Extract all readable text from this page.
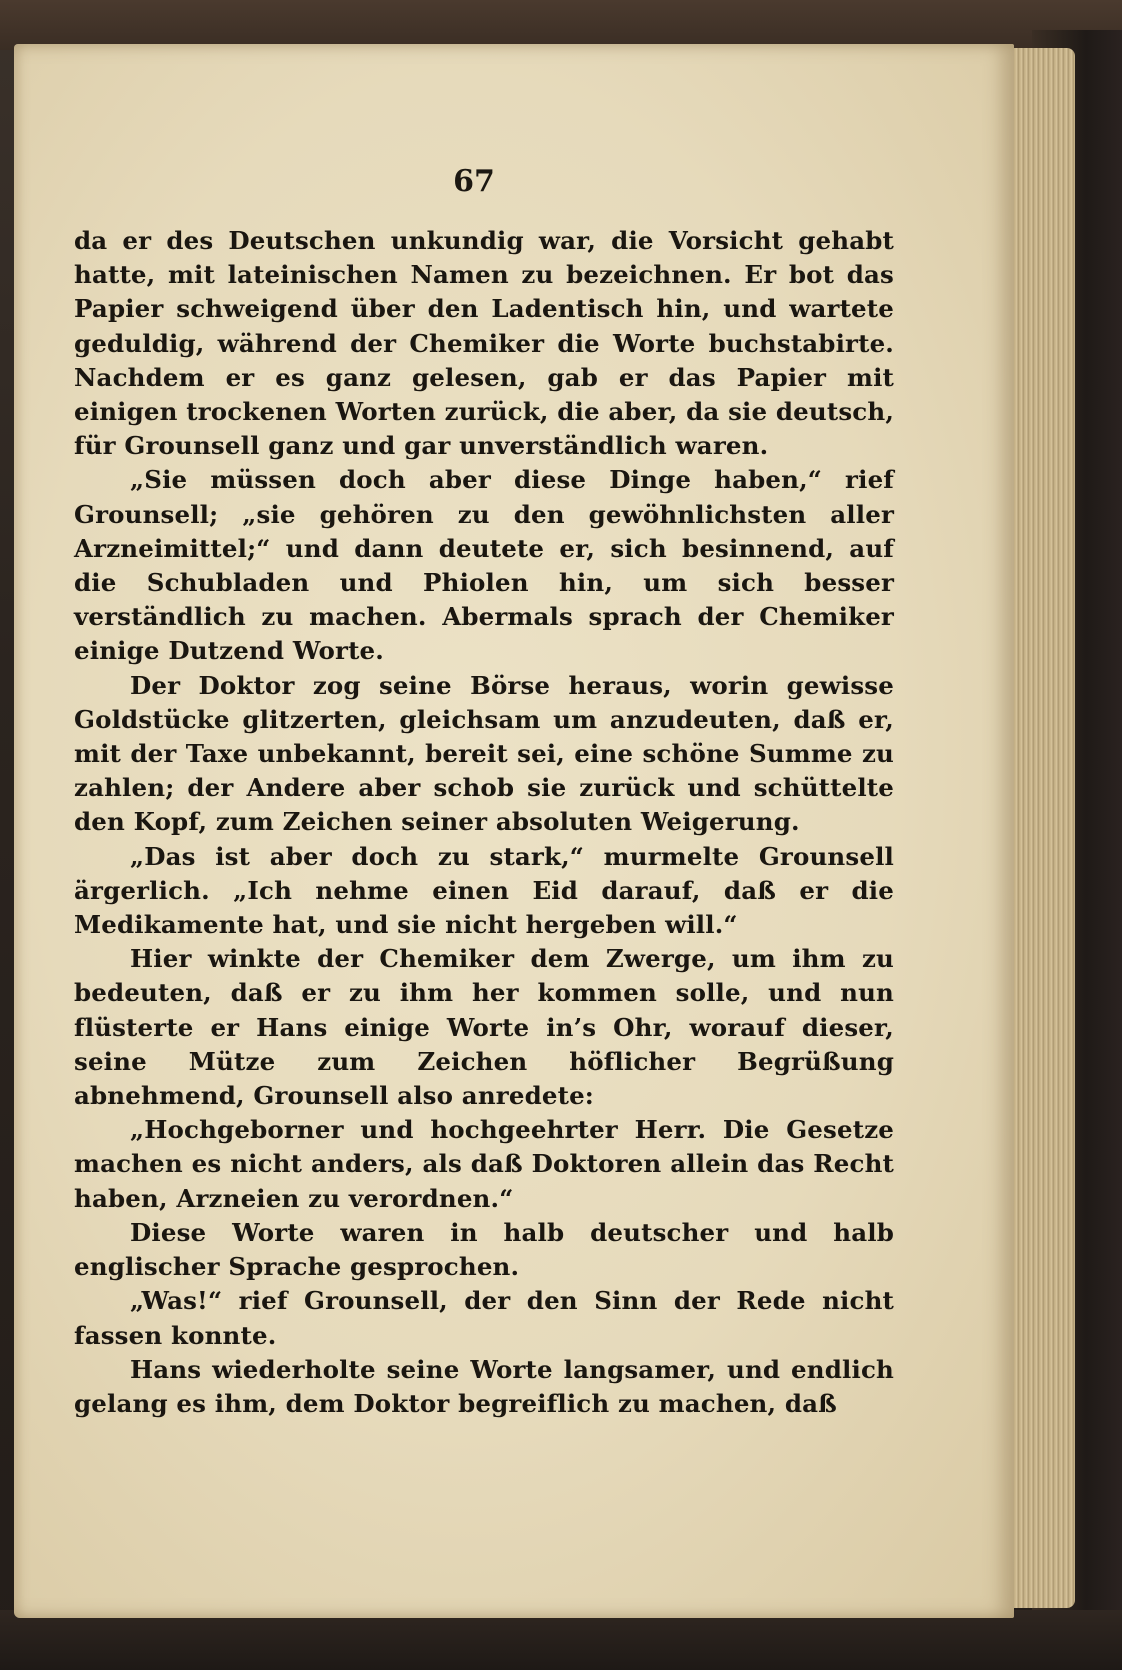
67

da er des Deutschen unkundig war, die Vorsicht gehabt hatte, mit lateinischen Namen zu bezeichnen. Er bot das Papier schweigend über den Ladentisch hin, und wartete geduldig, während der Chemiker die Worte buchstabirte. Nachdem er es ganz gelesen, gab er das Papier mit einigen trockenen Worten zurück, die aber, da sie deutsch, für Grounsell ganz und gar unverständlich waren.

„Sie müssen doch aber diese Dinge haben,“ rief Grounsell; „sie gehören zu den gewöhnlichsten aller Arzneimittel;“ und dann deutete er, sich besinnend, auf die Schubladen und Phiolen hin, um sich besser verständlich zu machen. Abermals sprach der Chemiker einige Dutzend Worte.

Der Doktor zog seine Börse heraus, worin gewisse Goldstücke glitzerten, gleichsam um anzudeuten, daß er, mit der Taxe unbekannt, bereit sei, eine schöne Summe zu zahlen; der Andere aber schob sie zurück und schüttelte den Kopf, zum Zeichen seiner absoluten Weigerung.

„Das ist aber doch zu stark,“ murmelte Grounsell ärgerlich. „Ich nehme einen Eid darauf, daß er die Medikamente hat, und sie nicht hergeben will.“

Hier winkte der Chemiker dem Zwerge, um ihm zu bedeuten, daß er zu ihm her kommen solle, und nun flüsterte er Hans einige Worte in’s Ohr, worauf dieser, seine Mütze zum Zeichen höflicher Begrüßung abnehmend, Grounsell also anredete:

„Hochgeborner und hochgeehrter Herr. Die Gesetze machen es nicht anders, als daß Doktoren allein das Recht haben, Arzneien zu verordnen.“

Diese Worte waren in halb deutscher und halb englischer Sprache gesprochen.

„Was!“ rief Grounsell, der den Sinn der Rede nicht fassen konnte.

Hans wiederholte seine Worte langsamer, und endlich gelang es ihm, dem Doktor begreiflich zu machen, daß
